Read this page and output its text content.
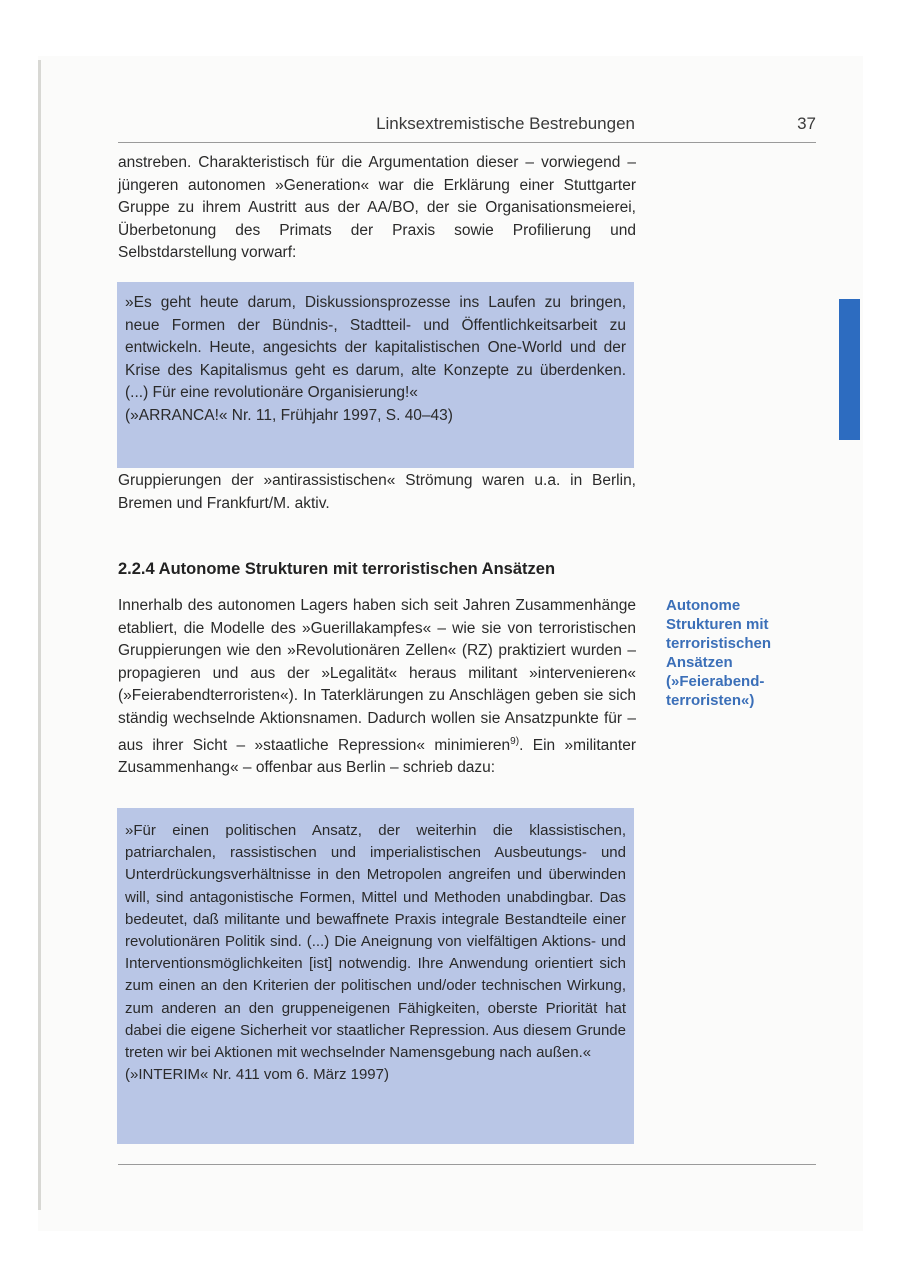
Linksextremistische Bestrebungen	37

anstreben. Charakteristisch für die Argumentation dieser – vorwiegend – jüngeren autonomen »Generation« war die Erklärung einer Stuttgarter Gruppe zu ihrem Austritt aus der AA/BO, der sie Organisationsmeierei, Überbetonung des Primats der Praxis sowie Profilierung und Selbstdarstellung vorwarf:

»Es geht heute darum, Diskussionsprozesse ins Laufen zu bringen, neue Formen der Bündnis-, Stadtteil- und Öffentlichkeitsarbeit zu entwickeln. Heute, angesichts der kapitalistischen One-World und der Krise des Kapitalismus geht es darum, alte Konzepte zu überdenken. (...) Für eine revolutionäre Organisierung!«

(»ARRANCA!« Nr. 11, Frühjahr 1997, S. 40–43)

Gruppierungen der »antirassistischen« Strömung waren u.a. in Berlin, Bremen und Frankfurt/M. aktiv.

2.2.4 Autonome Strukturen mit terroristischen Ansätzen

Innerhalb des autonomen Lagers haben sich seit Jahren Zusammenhänge etabliert, die Modelle des »Guerillakampfes« – wie sie von terroristischen Gruppierungen wie den »Revolutionären Zellen« (RZ) praktiziert wurden – propagieren und aus der »Legalität« heraus militant »intervenieren« (»Feierabendterroristen«). In Taterklärungen zu Anschlägen geben sie sich ständig wechselnde Aktionsnamen. Dadurch wollen sie Ansatzpunkte für – aus ihrer Sicht – »staatliche Repression« minimieren$^{9)}$. Ein »militanter Zusammenhang« – offenbar aus Berlin – schrieb dazu:

Autonome
Strukturen mit
terroristischen
Ansätzen
(»Feierabend-
terroristen«)

»Für einen politischen Ansatz, der weiterhin die klassistischen, patriarchalen, rassistischen und imperialistischen Ausbeutungs- und Unterdrückungsverhältnisse in den Metropolen angreifen und überwinden will, sind antagonistische Formen, Mittel und Methoden unabdingbar. Das bedeutet, daß militante und bewaffnete Praxis integrale Bestandteile einer revolutionären Politik sind. (...) Die Aneignung von vielfältigen Aktions- und Interventionsmöglichkeiten [ist] notwendig. Ihre Anwendung orientiert sich zum einen an den Kriterien der politischen und/oder technischen Wirkung, zum anderen an den gruppeneigenen Fähigkeiten, oberste Priorität hat dabei die eigene Sicherheit vor staatlicher Repression. Aus diesem Grunde treten wir bei Aktionen mit wechselnder Namensgebung nach außen.«

(»INTERIM« Nr. 411 vom 6. März 1997)
